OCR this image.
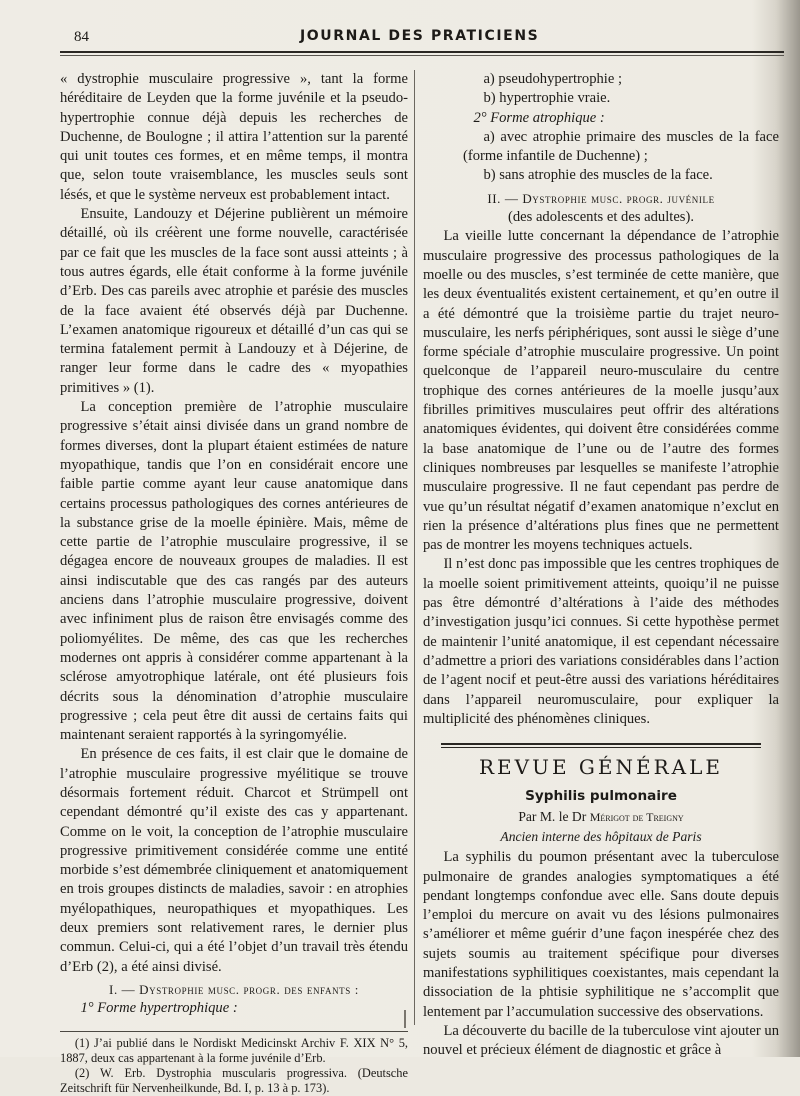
84	JOURNAL DES PRATICIENS

« dystrophie musculaire progressive », tant la forme héréditaire de Leyden que la forme juvénile et la pseudo-hypertrophie connue déjà depuis les recherches de Duchenne, de Boulogne ; il attira l’attention sur la parenté qui unit toutes ces formes, et en même temps, il montra que, selon toute vraisemblance, les muscles seuls sont lésés, et que le système nerveux est probablement intact.

Ensuite, Landouzy et Déjerine publièrent un mémoire détaillé, où ils créèrent une forme nouvelle, caractérisée par ce fait que les muscles de la face sont aussi atteints ; à tous autres égards, elle était conforme à la forme juvénile d’Erb. Des cas pareils avec atrophie et parésie des muscles de la face avaient été observés déjà par Duchenne. L’examen anatomique rigoureux et détaillé d’un cas qui se termina fatalement permit à Landouzy et à Déjerine, de ranger leur forme dans le cadre des « myopathies primitives » (1).

La conception première de l’atrophie musculaire progressive s’était ainsi divisée dans un grand nombre de formes diverses, dont la plupart étaient estimées de nature myopathique, tandis que l’on en considérait encore une faible partie comme ayant leur cause anatomique dans certains processus pathologiques des cornes antérieures de la substance grise de la moelle épinière. Mais, même de cette partie de l’atrophie musculaire progressive, il se dégagea encore de nouveaux groupes de maladies. Il est ainsi indiscutable que des cas rangés par des auteurs anciens dans l’atrophie musculaire progressive, doivent avec infiniment plus de raison être envisagés comme des poliomyélites. De même, des cas que les recherches modernes ont appris à considérer comme appartenant à la sclérose amyotrophique latérale, ont été plusieurs fois décrits sous la dénomination d’atrophie musculaire progressive ; cela peut être dit aussi de certains faits qui maintenant seraient rapportés à la syringomyélie.

En présence de ces faits, il est clair que le domaine de l’atrophie musculaire progressive myélitique se trouve désormais fortement réduit. Charcot et Strümpell ont cependant démontré qu’il existe des cas y appartenant. Comme on le voit, la conception de l’atrophie musculaire progressive primitivement considérée comme une entité morbide s’est démembrée cliniquement et anatomiquement en trois groupes distincts de maladies, savoir : en atrophies myélopathiques, neuropathiques et myopathiques. Les deux premiers sont relativement rares, le dernier plus commun. Celui-ci, qui a été l’objet d’un travail très étendu d’Erb (2), a été ainsi divisé.

I. — Dystrophie musc. progr. des enfants :

1° Forme hypertrophique :

(1) J’ai publié dans le Nordiskt Medicinskt Archiv F. XIX N° 5, 1887, deux cas appartenant à la forme juvénile d’Erb.

(2) W. Erb. Dystrophia muscularis progressiva. (Deutsche Zeitschrift für Nervenheilkunde, Bd. I, p. 13 à p. 173).

a) pseudohypertrophie ;

b) hypertrophie vraie.

2° Forme atrophique :

a) avec atrophie primaire des muscles de la face (forme infantile de Duchenne) ;

b) sans atrophie des muscles de la face.

II. — Dystrophie musc. progr. juvénile
(des adolescents et des adultes).

La vieille lutte concernant la dépendance de l’atrophie musculaire progressive des processus pathologiques de la moelle ou des muscles, s’est terminée de cette manière, que les deux éventualités existent certainement, et qu’en outre il a été démontré que la troisième partie du trajet neuro-musculaire, les nerfs périphériques, sont aussi le siège d’une forme spéciale d’atrophie musculaire progressive. Un point quelconque de l’appareil neuro-musculaire du centre trophique des cornes antérieures de la moelle jusqu’aux fibrilles primitives musculaires peut offrir des altérations anatomiques évidentes, qui doivent être considérées comme la base anatomique de l’une ou de l’autre des formes cliniques nombreuses par lesquelles se manifeste l’atrophie musculaire progressive. Il ne faut cependant pas perdre de vue qu’un résultat négatif d’examen anatomique n’exclut en rien la présence d’altérations plus fines que ne permettent pas de montrer les moyens techniques actuels.

Il n’est donc pas impossible que les centres trophiques de la moelle soient primitivement atteints, quoiqu’il ne puisse pas être démontré d’altérations à l’aide des méthodes d’investigation jusqu’ici connues. Si cette hypothèse permet de maintenir l’unité anatomique, il est cependant nécessaire d’admettre a priori des variations considérables dans l’action de l’agent nocif et peut-être aussi des variations héréditaires dans l’appareil neuromusculaire, pour expliquer la multiplicité des phénomènes cliniques.

REVUE GÉNÉRALE
Syphilis pulmonaire
Par M. le Dr Mérigot de Treigny
Ancien interne des hôpitaux de Paris

La syphilis du poumon présentant avec la tuberculose pulmonaire de grandes analogies symptomatiques a été pendant longtemps confondue avec elle. Sans doute depuis l’emploi du mercure on avait vu des lésions pulmonaires s’améliorer et même guérir d’une façon inespérée chez des sujets soumis au traitement spécifique pour diverses manifestations syphilitiques coexistantes, mais cependant la dissociation de la phtisie syphilitique ne s’accomplit que lentement par l’accumulation successive des observations.

La découverte du bacille de la tuberculose vint ajouter un nouvel et précieux élément de diagnostic et grâce à
